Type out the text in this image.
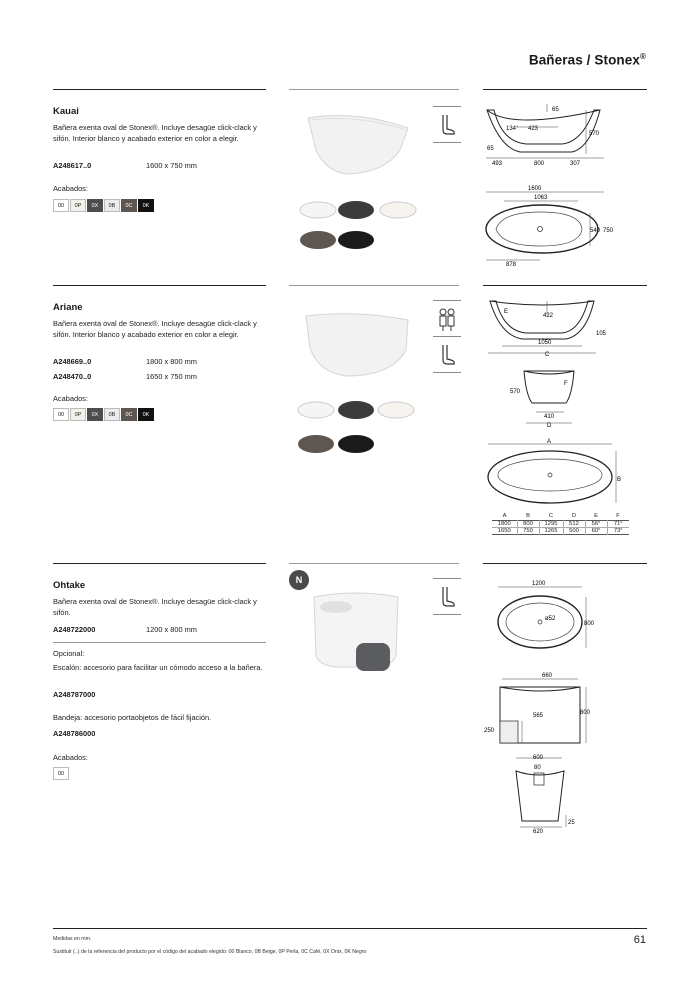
Bañeras / Stonex®
Kauai
Bañera exenta oval de Stonex®. Incluye desagüe click-clack y sifón. Interior blanco y acabado exterior en color a elegir.
A248617..0	1600 x 750 mm
Acabados:
00	0P	0X	0B	0C	0K
65
134° 423
570
65
493	800	307
1600
1063
540 750
878
Ariane
Bañera exenta oval de Stonex®. Incluye desagüe click-clack y sifón. Interior blanco y acabado exterior en color a elegir.
A248669..0	1800 x 800 mm
A248470..0	1650 x 750 mm
Acabados:
00	0P	0X	0B	0C	0K
E
422
105
1050
C
570
F
410
D
A
B
A	B	C	D	E	F
1800	800	1295	512	56°	71°
1650	750	1265	500	60°	73°
Ohtake
Bañera exenta oval de Stonex®. Incluye desagüe click-clack y sifón.
A248722000	1200 x 800 mm
Opcional:
Escalón: accesorio para facilitar un cómodo acceso a la bañera.
A248787000
Bandeja: accesorio portaobjetos de fácil fijación.
A248786000
Acabados:
00
N	1200
ø52
800
660
565	800
250
600
80
620
25
Medidas en mm.
Sustituir (..) de la referencia del producto por el código del acabado elegido: 00 Blanco, 0B Beige, 0P Perla, 0C Café, 0X Onix, 0K Negro
61
